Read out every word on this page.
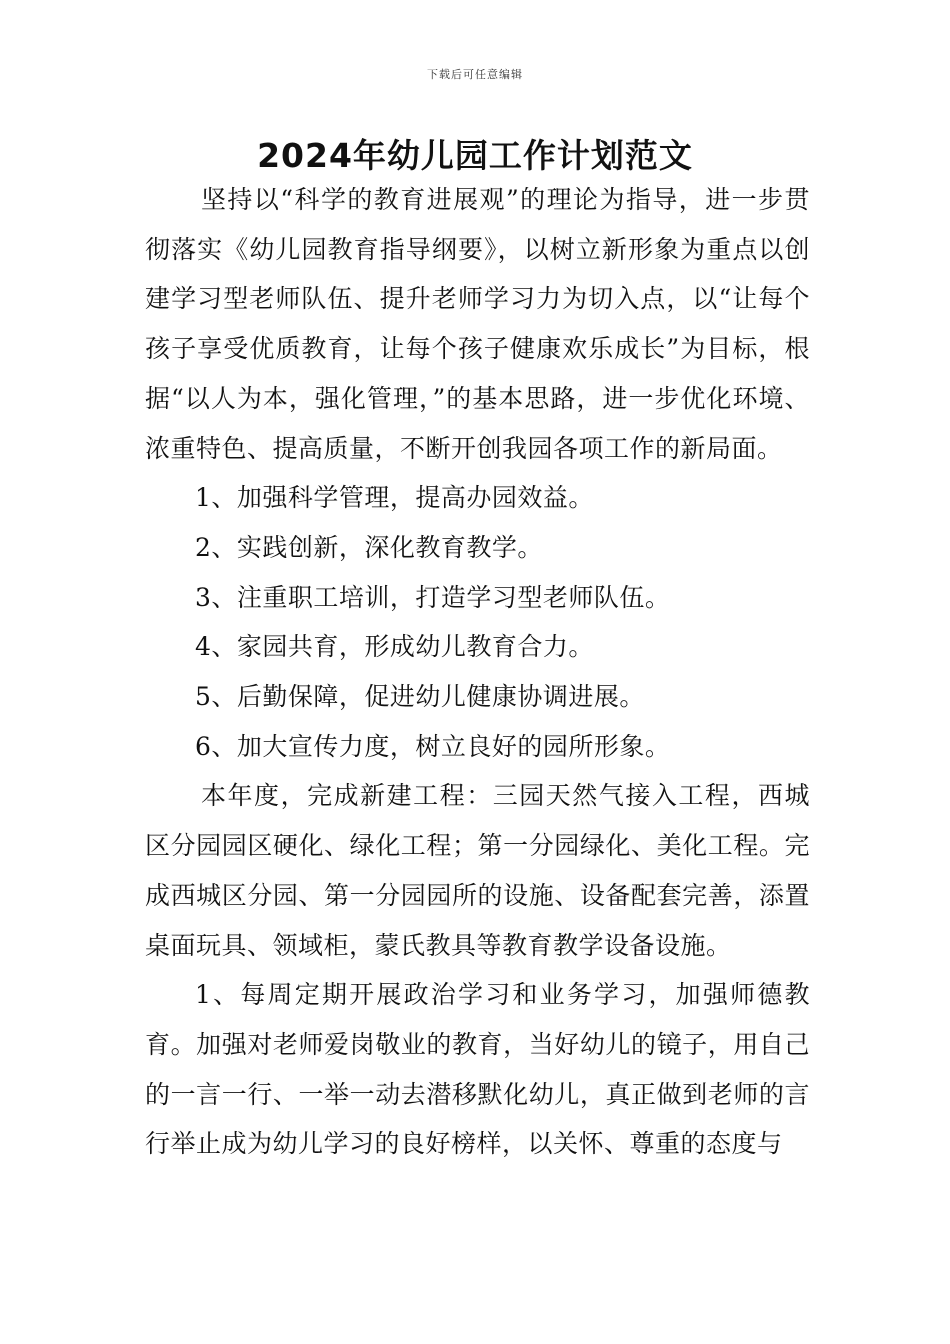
下载后可任意编辑
2024年幼儿园工作计划范文

坚持以“科学的教育进展观”的理论为指导，进一步贯彻落实《幼儿园教育指导纲要》，以树立新形象为重点以创建学习型老师队伍、提升老师学习力为切入点，以“让每个孩子享受优质教育，让每个孩子健康欢乐成长”为目标，根据“以人为本，强化管理，”的基本思路，进一步优化环境、浓重特色、提高质量，不断开创我园各项工作的新局面。

1、加强科学管理，提高办园效益。

2、实践创新，深化教育教学。

3、注重职工培训，打造学习型老师队伍。

4、家园共育，形成幼儿教育合力。

5、后勤保障，促进幼儿健康协调进展。

6、加大宣传力度，树立良好的园所形象。

本年度，完成新建工程：三园天然气接入工程，西城区分园园区硬化、绿化工程；第一分园绿化、美化工程。完成西城区分园、第一分园园所的设施、设备配套完善，添置桌面玩具、领域柜，蒙氏教具等教育教学设备设施。

1、每周定期开展政治学习和业务学习，加强师德教育。加强对老师爱岗敬业的教育，当好幼儿的镜子，用自己的一言一行、一举一动去潜移默化幼儿，真正做到老师的言行举止成为幼儿学习的良好榜样，以关怀、尊重的态度与
